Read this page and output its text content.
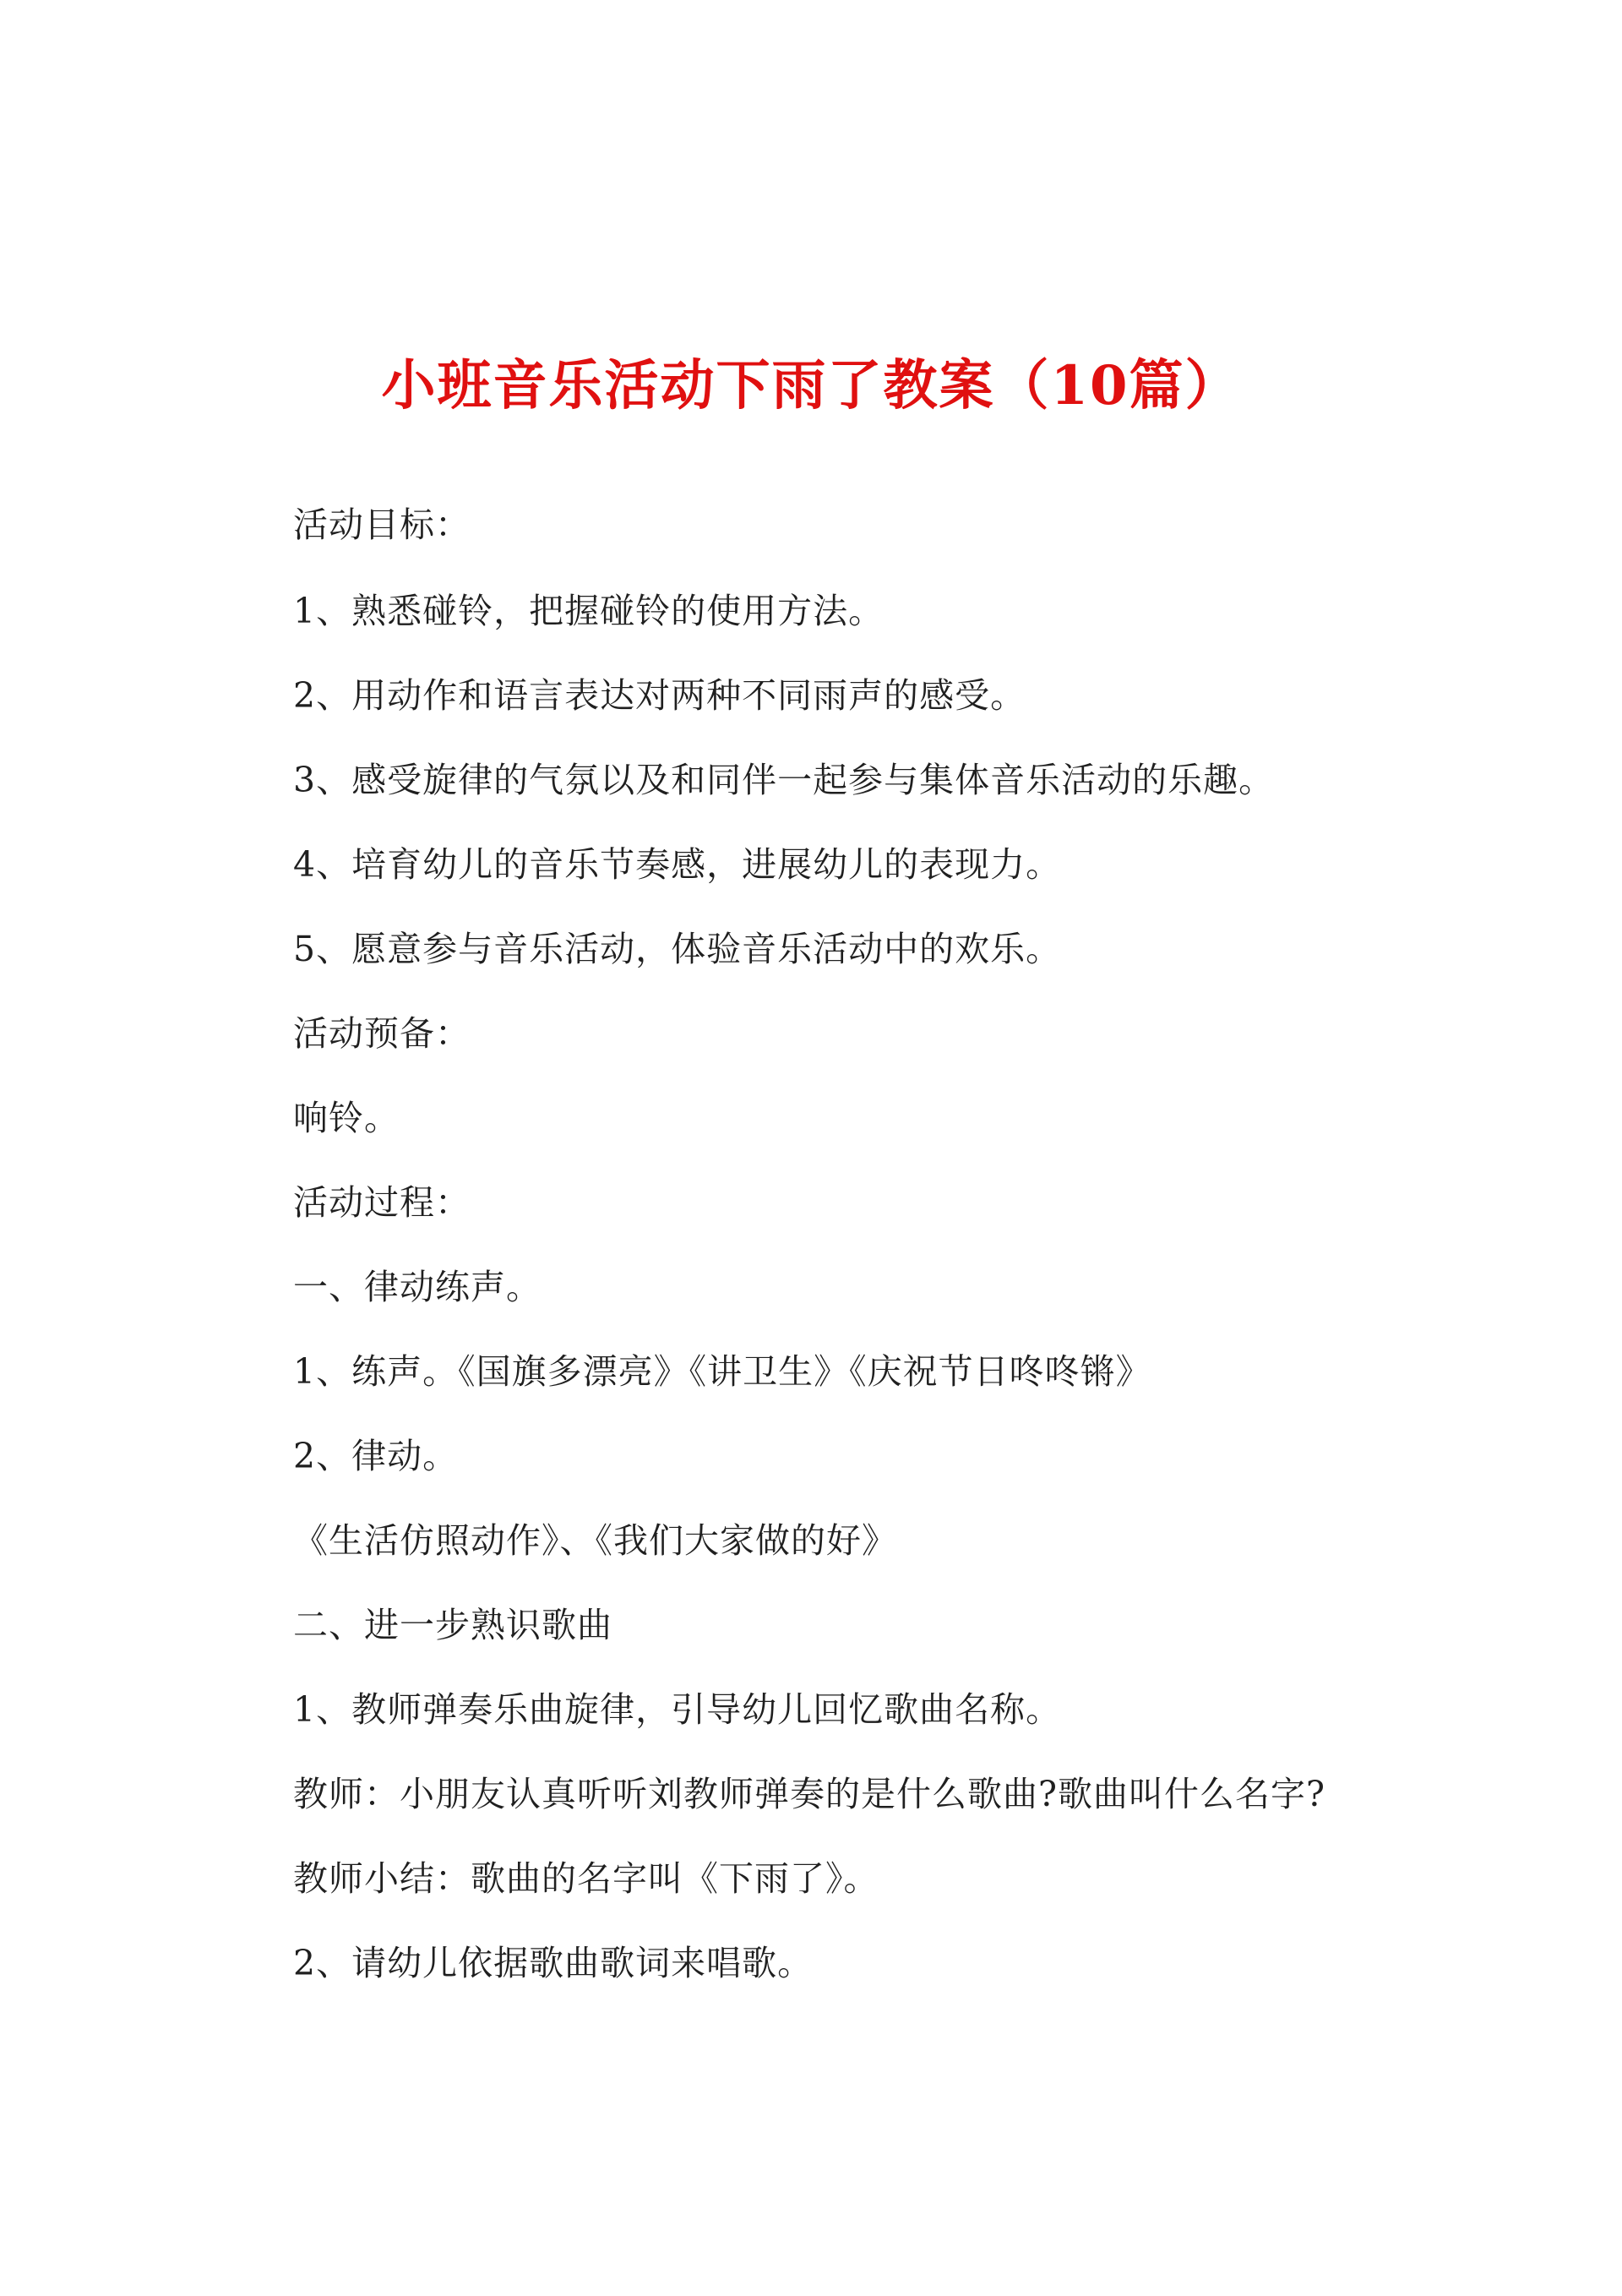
小班音乐活动下雨了教案（10篇）
活动目标：
1、熟悉碰铃，把握碰铃的使用方法。
2、用动作和语言表达对两种不同雨声的感受。
3、感受旋律的气氛以及和同伴一起参与集体音乐活动的乐趣。
4、培育幼儿的音乐节奏感，进展幼儿的表现力。
5、愿意参与音乐活动，体验音乐活动中的欢乐。
活动预备：
响铃。
活动过程：
一、律动练声。
1、练声。《国旗多漂亮》《讲卫生》《庆祝节日咚咚锵》
2、律动。
《生活仿照动作》、《我们大家做的好》
二、进一步熟识歌曲
1、教师弹奏乐曲旋律，引导幼儿回忆歌曲名称。
教师：小朋友认真听听刘教师弹奏的是什么歌曲?歌曲叫什么名字?
教师小结：歌曲的名字叫《下雨了》。
2、请幼儿依据歌曲歌词来唱歌。
